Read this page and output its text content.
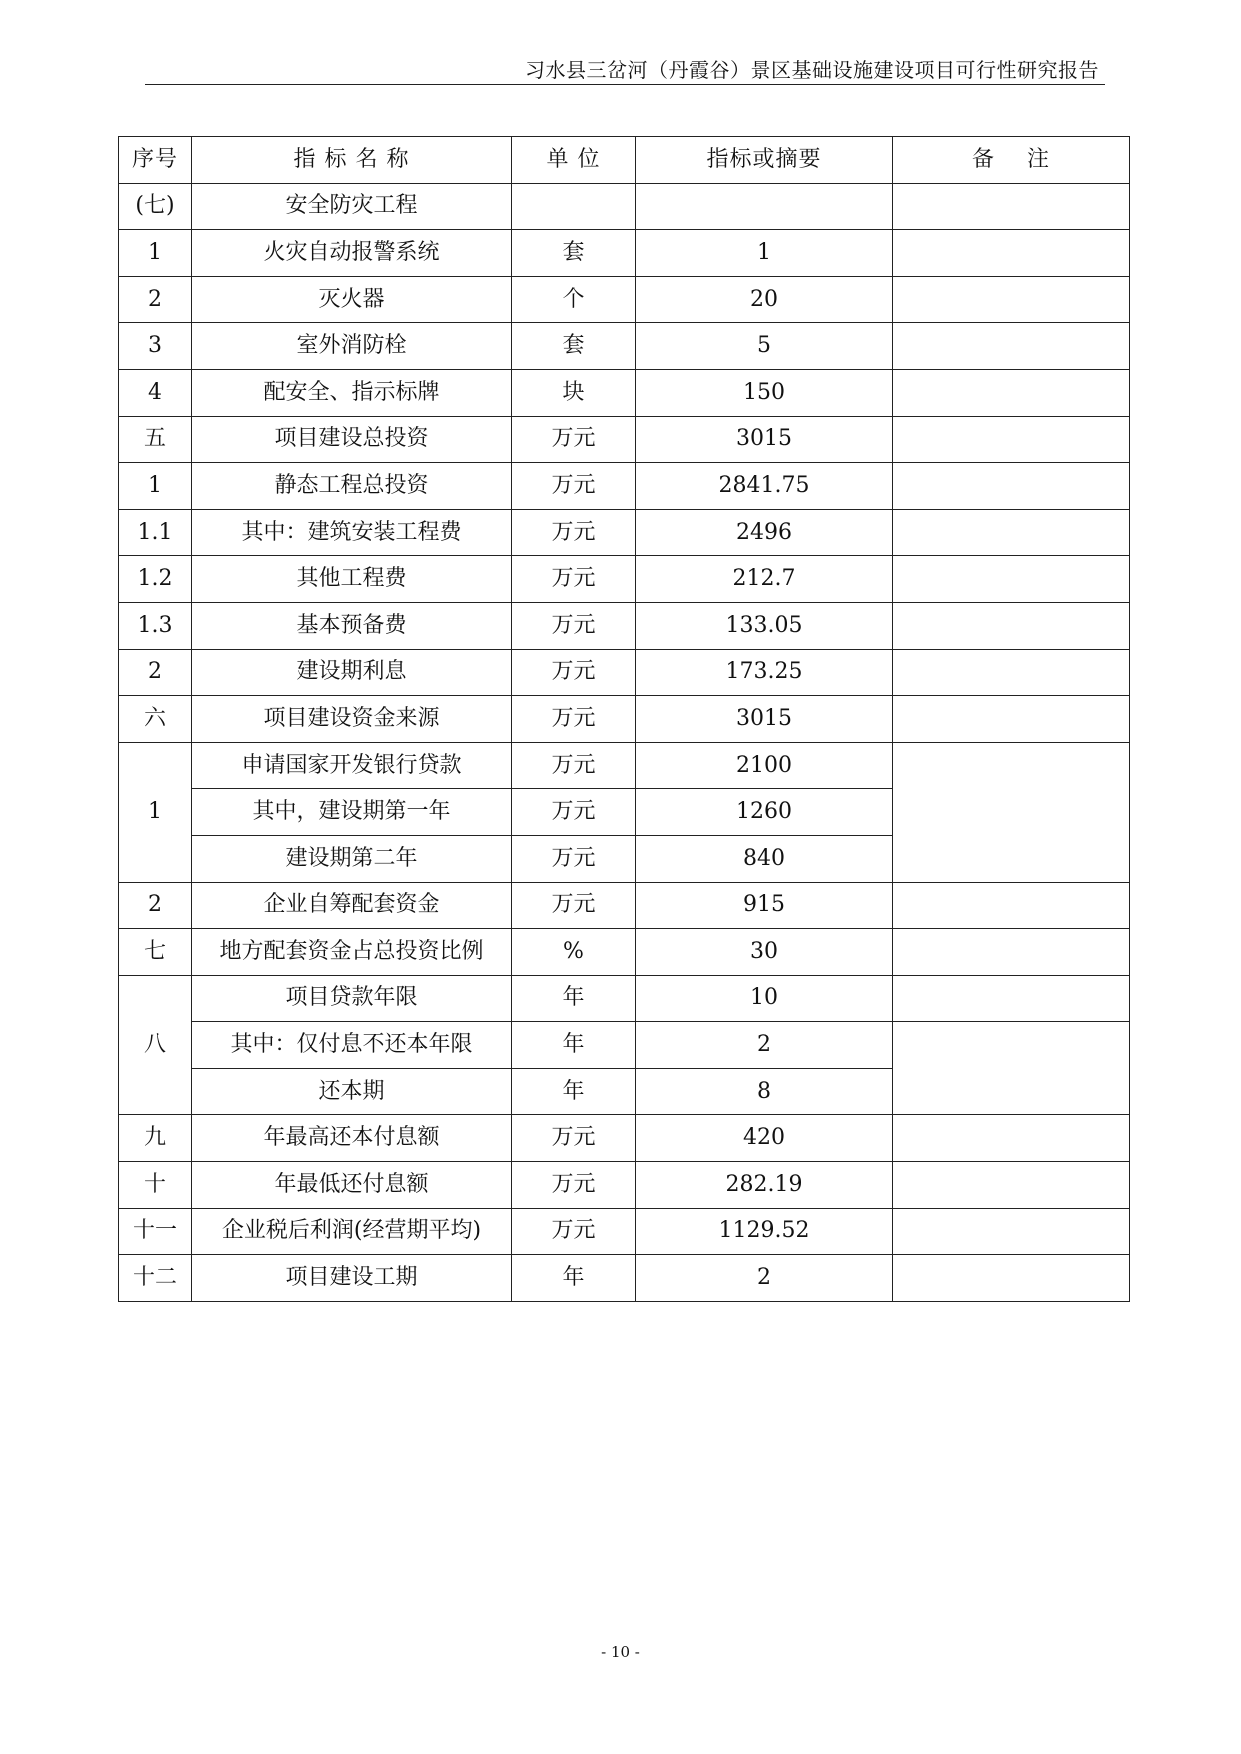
习水县三岔河（丹霞谷）景区基础设施建设项目可行性研究报告
序号	指 标 名 称	单 位	指标或摘要	备    注
(七)	安全防灾工程			
1	火灾自动报警系统	套	1	
2	灭火器	个	20	
3	室外消防栓	套	5	
4	配安全、指示标牌	块	150	
五	项目建设总投资	万元	3015	
1	静态工程总投资	万元	2841.75	
1.1	其中：建筑安装工程费	万元	2496	
1.2	其他工程费	万元	212.7	
1.3	基本预备费	万元	133.05	
2	建设期利息	万元	173.25	
六	项目建设资金来源	万元	3015	
1	申请国家开发银行贷款	万元	2100	
	其中，建设期第一年	万元	1260	
	建设期第二年	万元	840	
2	企业自筹配套资金	万元	915	
七	地方配套资金占总投资比例	%	30	
八	项目贷款年限	年	10	
	其中：仅付息不还本年限	年	2	
	还本期	年	8	
九	年最高还本付息额	万元	420	
十	年最低还付息额	万元	282.19	
十一	企业税后利润(经营期平均)	万元	1129.52	
十二	项目建设工期	年	2	
- 10 -
